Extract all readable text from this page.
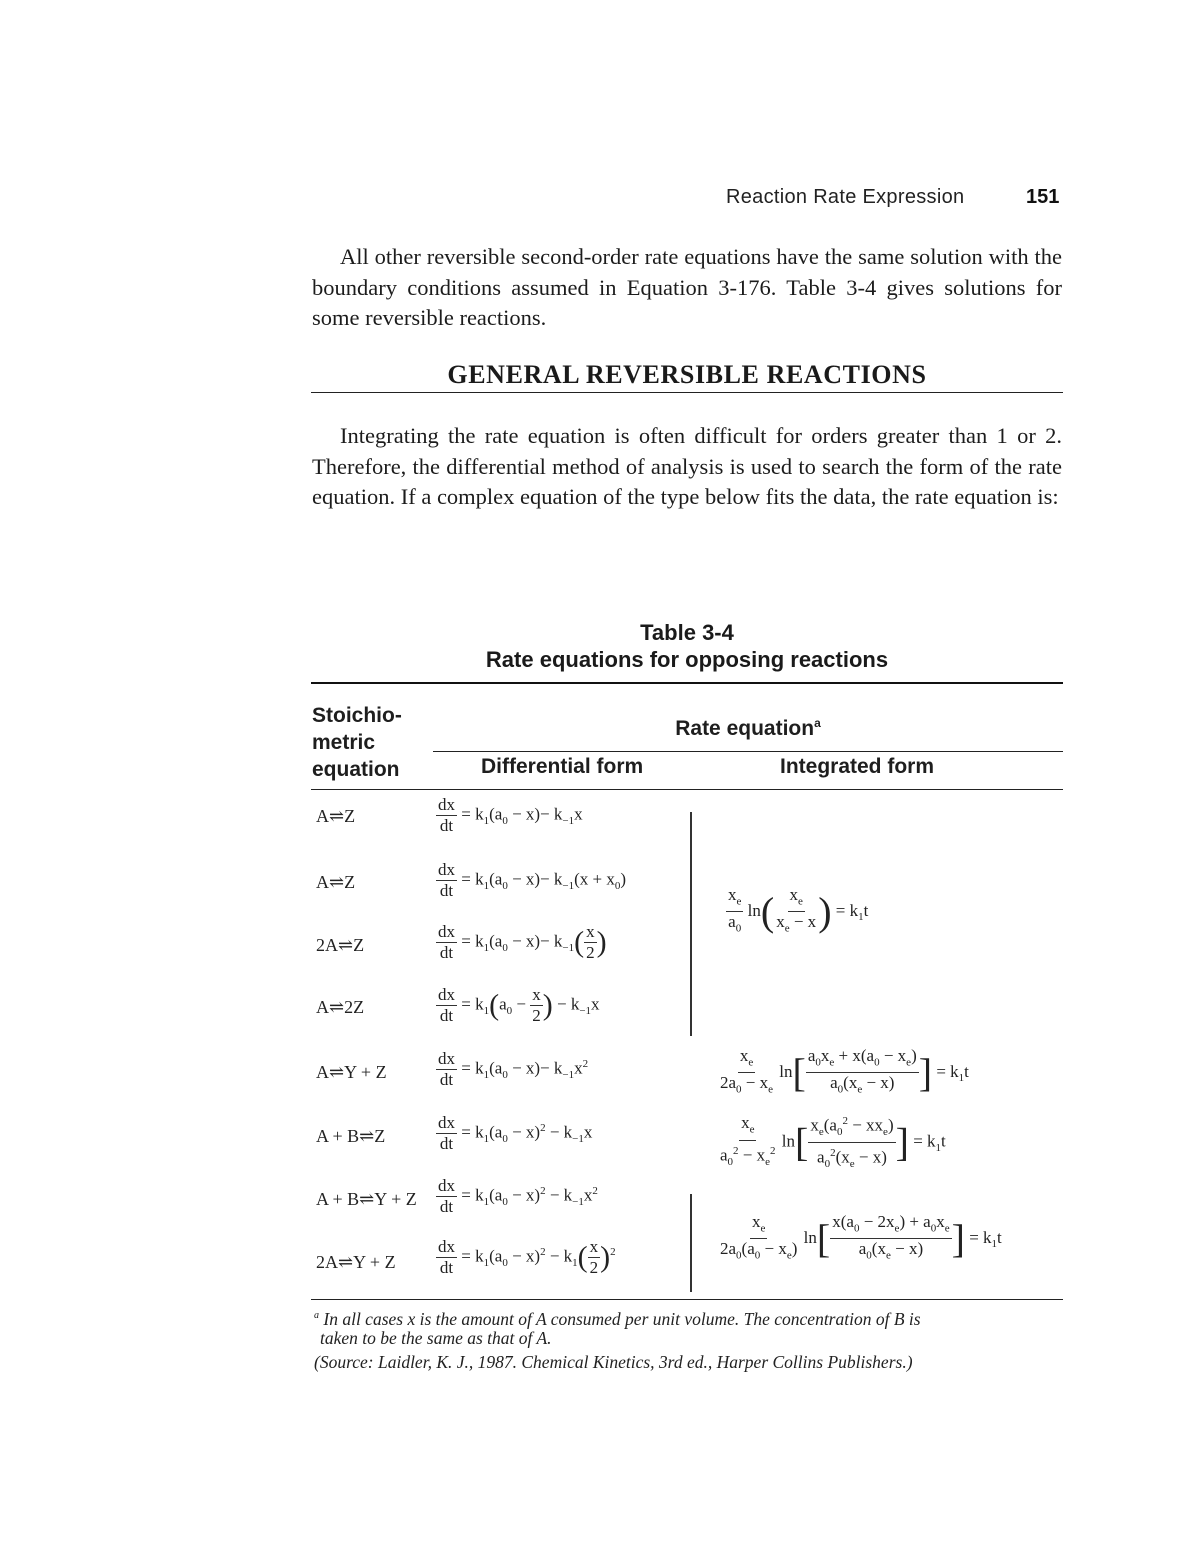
Reaction Rate Expression	151
All other reversible second-order rate equations have the same solution with the boundary conditions assumed in Equation 3-176. Table 3-4 gives solutions for some reversible reactions.
GENERAL REVERSIBLE REACTIONS
Integrating the rate equation is often difficult for orders greater than 1 or 2. Therefore, the differential method of analysis is used to search the form of the rate equation. If a complex equation of the type below fits the data, the rate equation is:
Table 3-4
Rate equations for opposing reactions
Stoichio-
metric
equation
Rate equation$^a$
Differential form	Integrated form
A⇌Z
A⇌Z
2A⇌Z
A⇌2Z
A⇌Y + Z
A + B⇌Z
A + B⇌Y + Z
2A⇌Y + Z
$\frac{dx}{dt} = k_1(a_0 - x)- k_{-1}x$
$\frac{dx}{dt} = k_1(a_0 - x)- k_{-1}(x + x_0)$
$\frac{dx}{dt} = k_1(a_0 - x)- k_{-1}( \frac{x}{2}$ )
$\frac{dx}{dt} = k_1(a_0 - \frac{x}{2}$ ) − $k_{-1}x$
$\frac{dx}{dt} = k_1(a_0 - x)- k_{-1}x^2$
$\frac{dx}{dt} = k_1(a_0 - x)^2 - k_{-1}x$
$\frac{dx}{dt} = k_1(a_0 - x)^2 - k_{-1}x^2$
$\frac{dx}{dt} = k_1(a_0 - x)^2 - k_1( \frac{x}{2} )^2$
$\frac{x_e}{a_0} \ln( \frac{x_e}{x_e - x}$ ) = $k_1t$
$\frac{x_e}{2a_0 - x_e} \ln[ \frac{a_0x_e + x(a_0 - x_e)}{a_0(x_e - x)}$ ] = $k_1t$
$\frac{x_e}{a_0^2 - x_e^2} \ln[ \frac{x_e(a_0^2 - xx_e)}{a_0^2(x_e - x)}$ ] = $k_1t$
$\frac{x_e}{2a_0(a_0 - x_e)} \ln[ \frac{x(a_0 - 2x_e) + a_0x_e}{a_0(x_e - x)}$ ] = $k_1t$
$^a$ In all cases x is the amount of A consumed per unit volume. The concentration of B is
taken to be the same as that of A.
(Source: Laidler, K. J., 1987. Chemical Kinetics, 3rd ed., Harper Collins Publishers.)
